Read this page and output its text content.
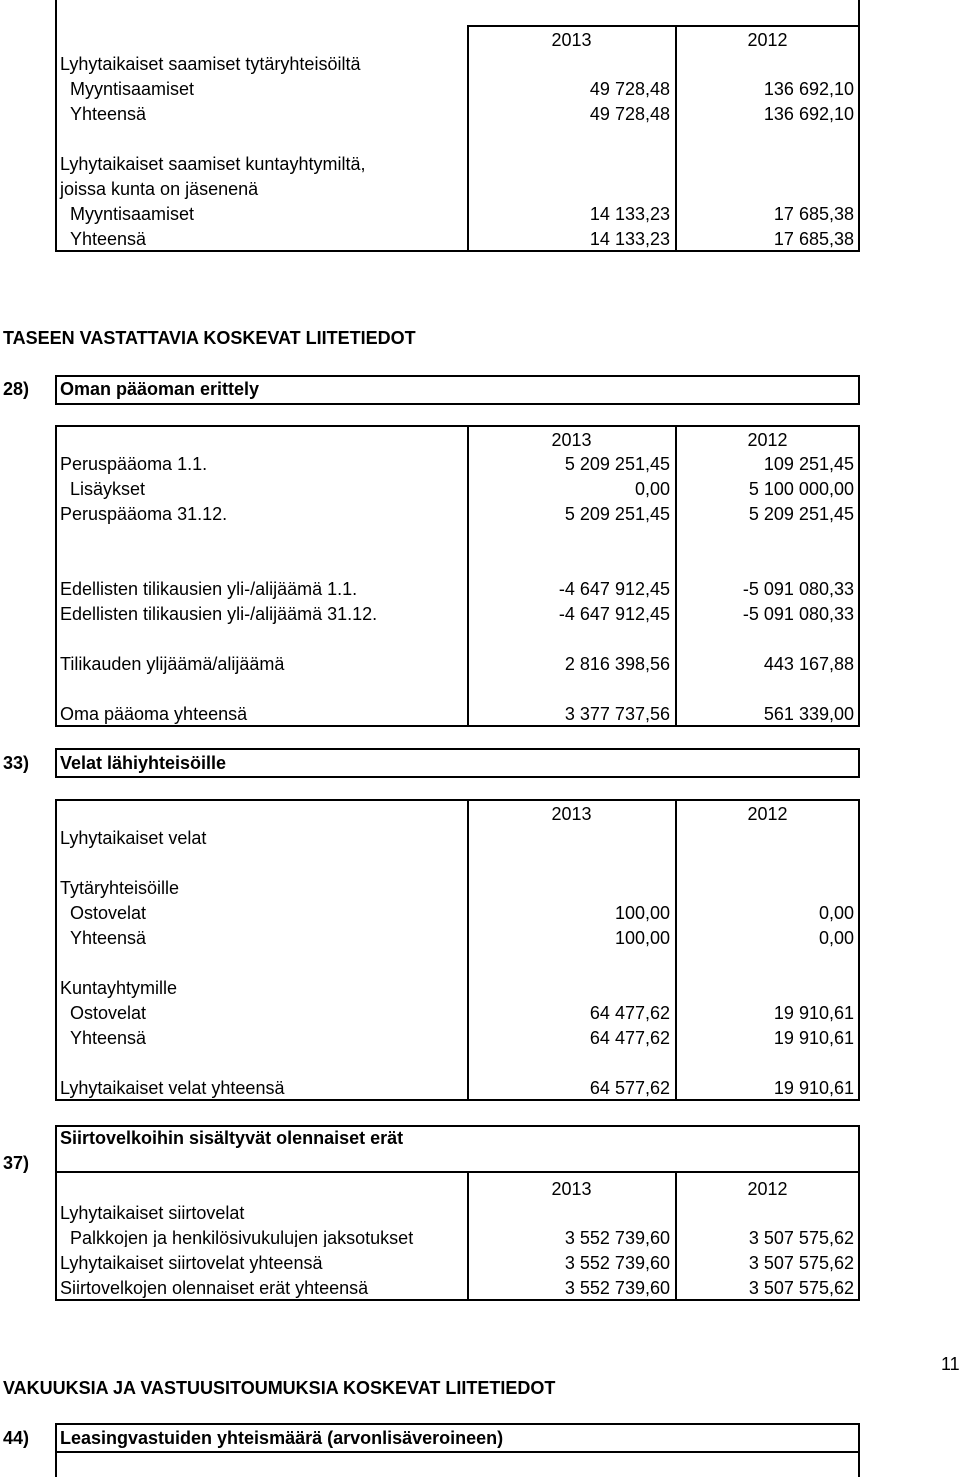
2013	2012
Lyhytaikaiset saamiset tytäryhteisöiltä
Myyntisaamiset	49 728,48	136 692,10
Yhteensä	49 728,48	136 692,10
Lyhytaikaiset saamiset kuntayhtymiltä,
joissa kunta on jäsenenä
Myyntisaamiset	14 133,23	17 685,38
Yhteensä	14 133,23	17 685,38
TASEEN VASTATTAVIA KOSKEVAT LIITETIEDOT
28) Oman pääoman erittely
2013	2012
Peruspääoma 1.1.	5 209 251,45	109 251,45
Lisäykset	0,00	5 100 000,00
Peruspääoma 31.12.	5 209 251,45	5 209 251,45
Edellisten tilikausien yli-/alijäämä 1.1.	-4 647 912,45	-5 091 080,33
Edellisten tilikausien yli-/alijäämä 31.12.	-4 647 912,45	-5 091 080,33
Tilikauden ylijäämä/alijäämä	2 816 398,56	443 167,88
Oma pääoma yhteensä	3 377 737,56	561 339,00
33) Velat lähiyhteisöille
2013	2012
Lyhytaikaiset velat
Tytäryhteisöille
Ostovelat	100,00	0,00
Yhteensä	100,00	0,00
Kuntayhtymille
Ostovelat	64 477,62	19 910,61
Yhteensä	64 477,62	19 910,61
Lyhytaikaiset velat yhteensä	64 577,62	19 910,61
37)
Siirtovelkoihin sisältyvät olennaiset erät
2013	2012
Lyhytaikaiset siirtovelat
Palkkojen ja henkilösivukulujen jaksotukset	3 552 739,60	3 507 575,62
Lyhytaikaiset siirtovelat yhteensä	3 552 739,60	3 507 575,62
Siirtovelkojen olennaiset erät yhteensä	3 552 739,60	3 507 575,62
11
VAKUUKSIA JA VASTUUSITOUMUKSIA KOSKEVAT LIITETIEDOT
44) Leasingvastuiden yhteismäärä (arvonlisäveroineen)
